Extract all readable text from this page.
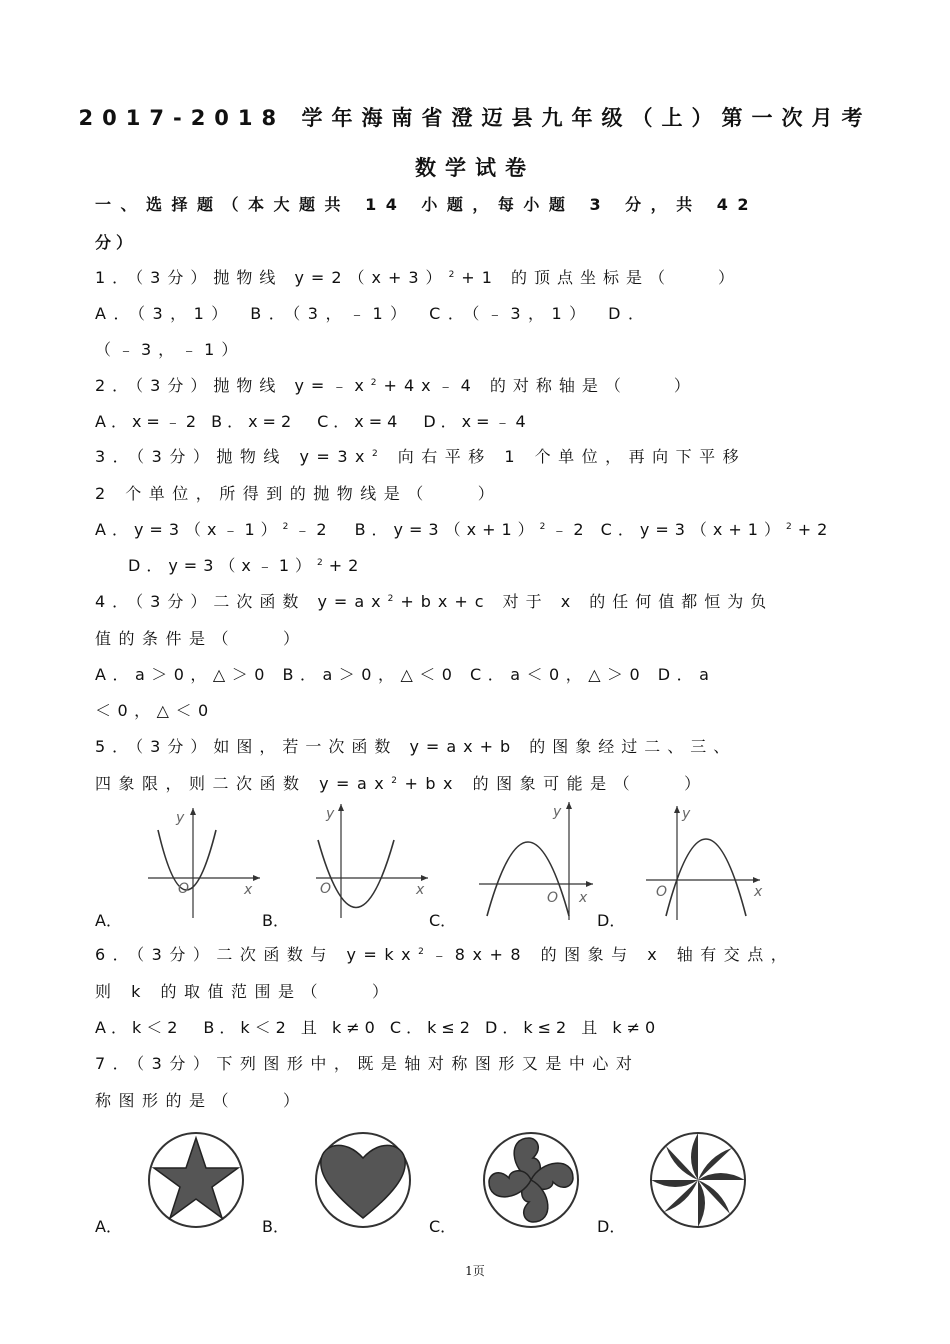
2017-2018 学年海南省澄迈县九年级（上）第一次月考
数学试卷
一、选择题（本大题共 14 小题，每小题 3 分，共 42
分）
1．（3分）抛物线 $y=2(x+3)^2+1$ 的顶点坐标是（　　）
A．（3，1）　B．（3，﹣1）　C．（﹣3，1）　D．
（﹣3，﹣1）
2．（3分）抛物线 $y=﹣x^2+4x﹣4$ 的对称轴是（　　）
A．x=﹣2 B．x=2　C．x=4　D．x=﹣4
3．（3分）抛物线 $y=3x^2$ 向右平移 1 个单位，再向下平移
2 个单位，所得到的抛物线是（　　）
A．y=3（x﹣1）$^2$﹣2　B．$y=3(x+1)^2﹣2$ C．$y=3(x+1)^2+2$
D．y=3（x﹣1）$^2$+2
4．（3分）二次函数 $y=ax^2+bx+c$ 对于 x 的任何值都恒为负
值的条件是（　　）
A．a＞0，△＞0 B．a＞0，△＜0 C．a＜0，△＞0 D．a
＜0，△＜0
5．（3分）如图，若一次函数 y=ax+b 的图象经过二、三、
四象限，则二次函数 $y=ax^2+bx$ 的图象可能是（　　）
y
x
O
y
x
O
y
x
O
y
x
O
A．	B．	C．	D．
6．（3分）二次函数与 $y=kx^2﹣8x+8$ 的图象与 x 轴有交点，
则 k 的取值范围是（　　）
A．k＜2　B．k＜2 且 k≠0 C．k≤2 D．k≤2 且 k≠0
7．（3分）下列图形中，既是轴对称图形又是中心对
称图形的是（　　）
A．	B．	C．	D．
1页
